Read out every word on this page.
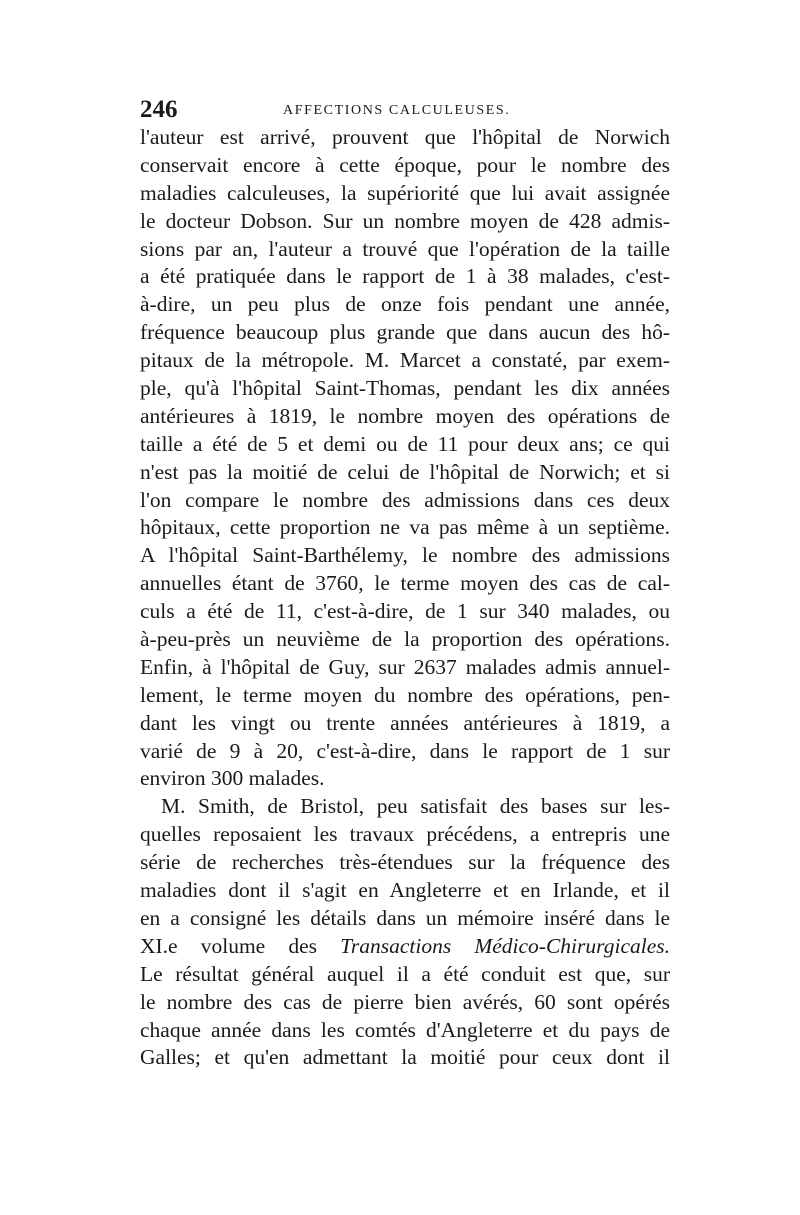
246	AFFECTIONS CALCULEUSES.
l'auteur est arrivé, prouvent que l'hôpital de Norwich
conservait encore à cette époque, pour le nombre des
maladies calculeuses, la supériorité que lui avait assignée
le docteur Dobson. Sur un nombre moyen de 428 admis-
sions par an, l'auteur a trouvé que l'opération de la taille
a été pratiquée dans le rapport de 1 à 38 malades, c'est-
à-dire, un peu plus de onze fois pendant une année,
fréquence beaucoup plus grande que dans aucun des hô-
pitaux de la métropole. M. Marcet a constaté, par exem-
ple, qu'à l'hôpital Saint-Thomas, pendant les dix années
antérieures à 1819, le nombre moyen des opérations de
taille a été de 5 et demi ou de 11 pour deux ans; ce qui
n'est pas la moitié de celui de l'hôpital de Norwich; et si
l'on compare le nombre des admissions dans ces deux
hôpitaux, cette proportion ne va pas même à un septième.
A l'hôpital Saint-Barthélemy, le nombre des admissions
annuelles étant de 3760, le terme moyen des cas de cal-
culs a été de 11, c'est-à-dire, de 1 sur 340 malades, ou
à-peu-près un neuvième de la proportion des opérations.
Enfin, à l'hôpital de Guy, sur 2637 malades admis annuel-
lement, le terme moyen du nombre des opérations, pen-
dant les vingt ou trente années antérieures à 1819, a
varié de 9 à 20, c'est-à-dire, dans le rapport de 1 sur
environ 300 malades.
M. Smith, de Bristol, peu satisfait des bases sur les-
quelles reposaient les travaux précédens, a entrepris une
série de recherches très-étendues sur la fréquence des
maladies dont il s'agit en Angleterre et en Irlande, et il
en a consigné les détails dans un mémoire inséré dans le
XI.e volume des Transactions Médico-Chirurgicales.
Le résultat général auquel il a été conduit est que, sur
le nombre des cas de pierre bien avérés, 60 sont opérés
chaque année dans les comtés d'Angleterre et du pays de
Galles; et qu'en admettant la moitié pour ceux dont il
